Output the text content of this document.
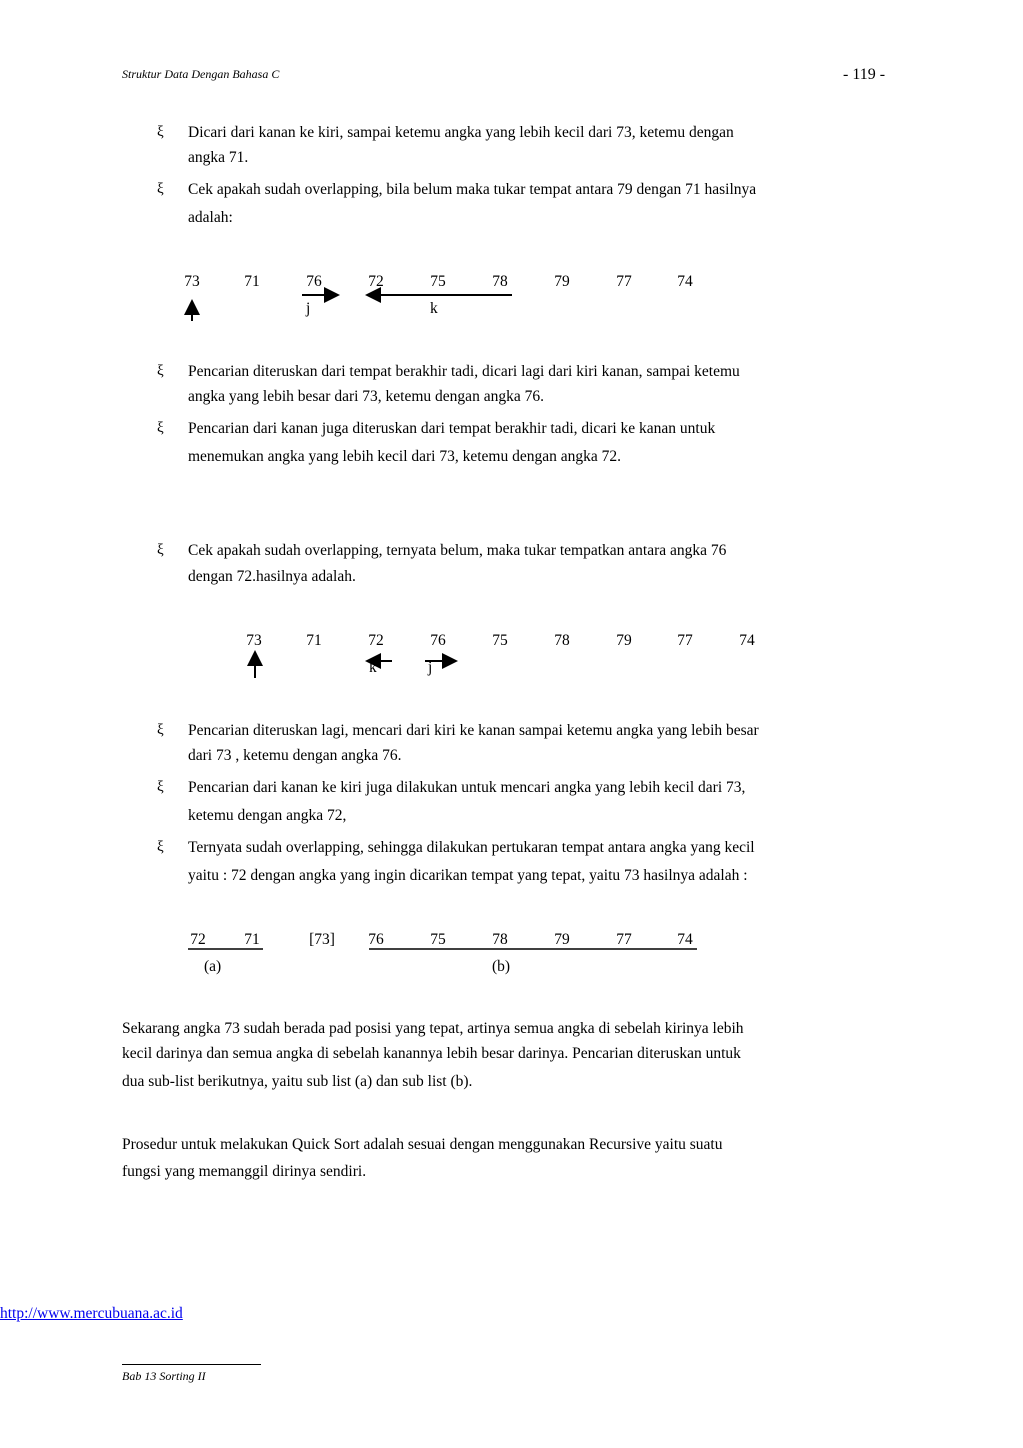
Struktur Data Dengan Bahasa C	- 119 -
ξ Dicari dari kanan ke kiri, sampai ketemu angka yang lebih kecil dari 73, ketemu dengan
angka 71.
ξ Cek apakah sudah overlapping, bila belum maka tukar tempat antara 79 dengan 71 hasilnya
adalah:
73	71	76	72	75	78	79	77	74
j	k
ξ Pencarian diteruskan dari tempat berakhir tadi, dicari lagi dari kiri kanan, sampai ketemu
angka yang lebih besar dari 73, ketemu dengan angka 76.
ξ Pencarian dari kanan juga diteruskan dari tempat berakhir tadi, dicari ke kanan untuk
menemukan angka yang lebih kecil dari 73, ketemu dengan angka 72.
ξ Cek apakah sudah overlapping, ternyata belum, maka tukar tempatkan antara angka 76
dengan 72.hasilnya adalah.
73	71	72	76	75	78	79	77	74
k	j
ξ Pencarian diteruskan lagi, mencari dari kiri ke kanan sampai ketemu angka yang lebih besar
dari 73 , ketemu dengan angka 76.
ξ Pencarian dari kanan ke kiri juga dilakukan untuk mencari angka yang lebih kecil dari 73,
ketemu dengan angka 72,
ξ Ternyata sudah overlapping, sehingga dilakukan pertukaran tempat antara angka yang kecil
yaitu : 72 dengan angka yang ingin dicarikan tempat yang tepat, yaitu 73 hasilnya adalah :
72	71	[73]	76	75	78	79	77	74
(a)	(b)
Sekarang angka 73 sudah berada pad posisi yang tepat, artinya semua angka di sebelah kirinya lebih
kecil darinya dan semua angka di sebelah kanannya lebih besar darinya. Pencarian diteruskan untuk
dua sub-list berikutnya, yaitu sub list (a) dan sub list (b).
Prosedur untuk melakukan Quick Sort adalah sesuai dengan menggunakan Recursive yaitu suatu
fungsi yang memanggil dirinya sendiri.
http://www.mercubuana.ac.id
Bab 13 Sorting II
